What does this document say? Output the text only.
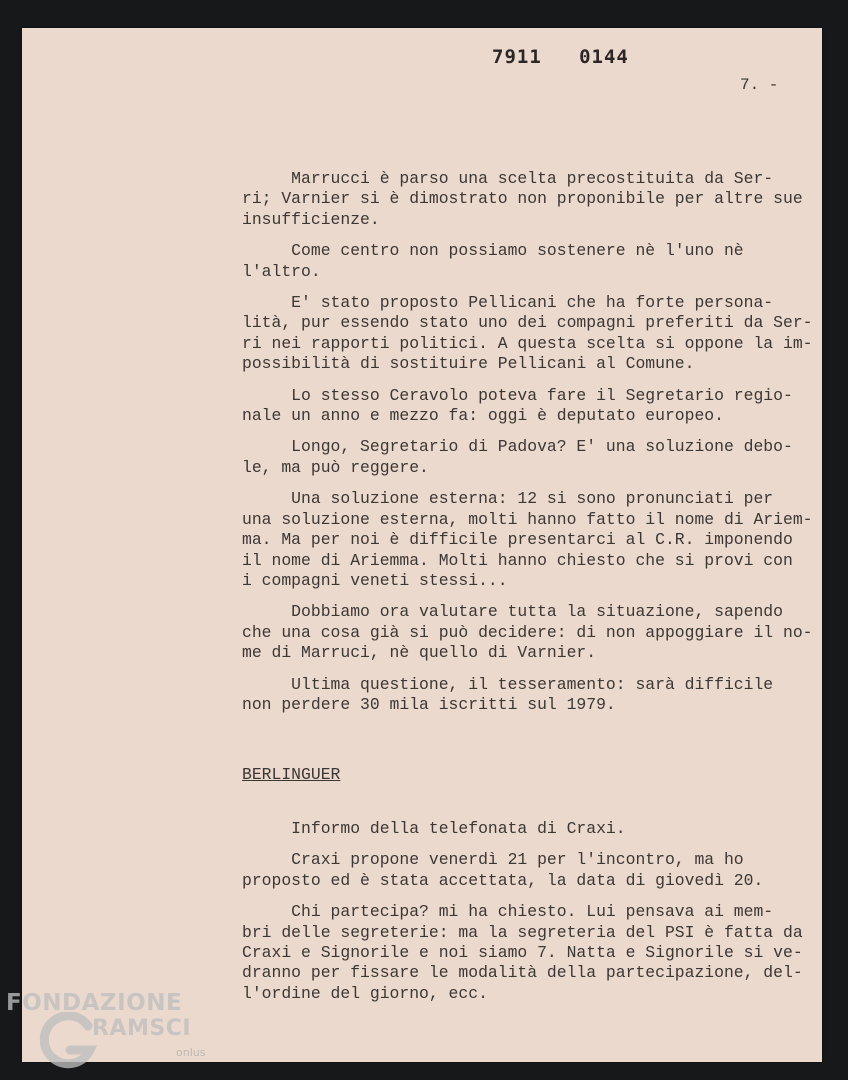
7911   0144
7. -

Marrucci è parso una scelta precostituita da Ser-
ri; Varnier si è dimostrato non proponibile per altre sue
insufficienze.

Come centro non possiamo sostenere nè l'uno nè
l'altro.

E' stato proposto Pellicani che ha forte persona-
lità, pur essendo stato uno dei compagni preferiti da Ser-
ri nei rapporti politici. A questa scelta si oppone la im-
possibilità di sostituire Pellicani al Comune.

Lo stesso Ceravolo poteva fare il Segretario regio-
nale un anno e mezzo fa: oggi è deputato europeo.

Longo, Segretario di Padova? E' una soluzione debo-
le, ma può reggere.

Una soluzione esterna: 12 si sono pronunciati per
una soluzione esterna, molti hanno fatto il nome di Ariem-
ma. Ma per noi è difficile presentarci al C.R. imponendo
il nome di Ariemma. Molti hanno chiesto che si provi con
i compagni veneti stessi...

Dobbiamo ora valutare tutta la situazione, sapendo
che una cosa già si può decidere: di non appoggiare il no-
me di Marruci, nè quello di Varnier.

Ultima questione, il tesseramento: sarà difficile
non perdere 30 mila iscritti sul 1979.

BERLINGUER

Informo della telefonata di Craxi.

Craxi propone venerdì 21 per l'incontro, ma ho
proposto ed è stata accettata, la data di giovedì 20.

Chi partecipa? mi ha chiesto. Lui pensava ai mem-
bri delle segreterie: ma la segreteria del PSI è fatta da
Craxi e Signorile e noi siamo 7. Natta e Signorile si ve-
dranno per fissare le modalità della partecipazione, del-
l'ordine del giorno, ecc.

FONDAZIONE
RAMSCI
onlus
